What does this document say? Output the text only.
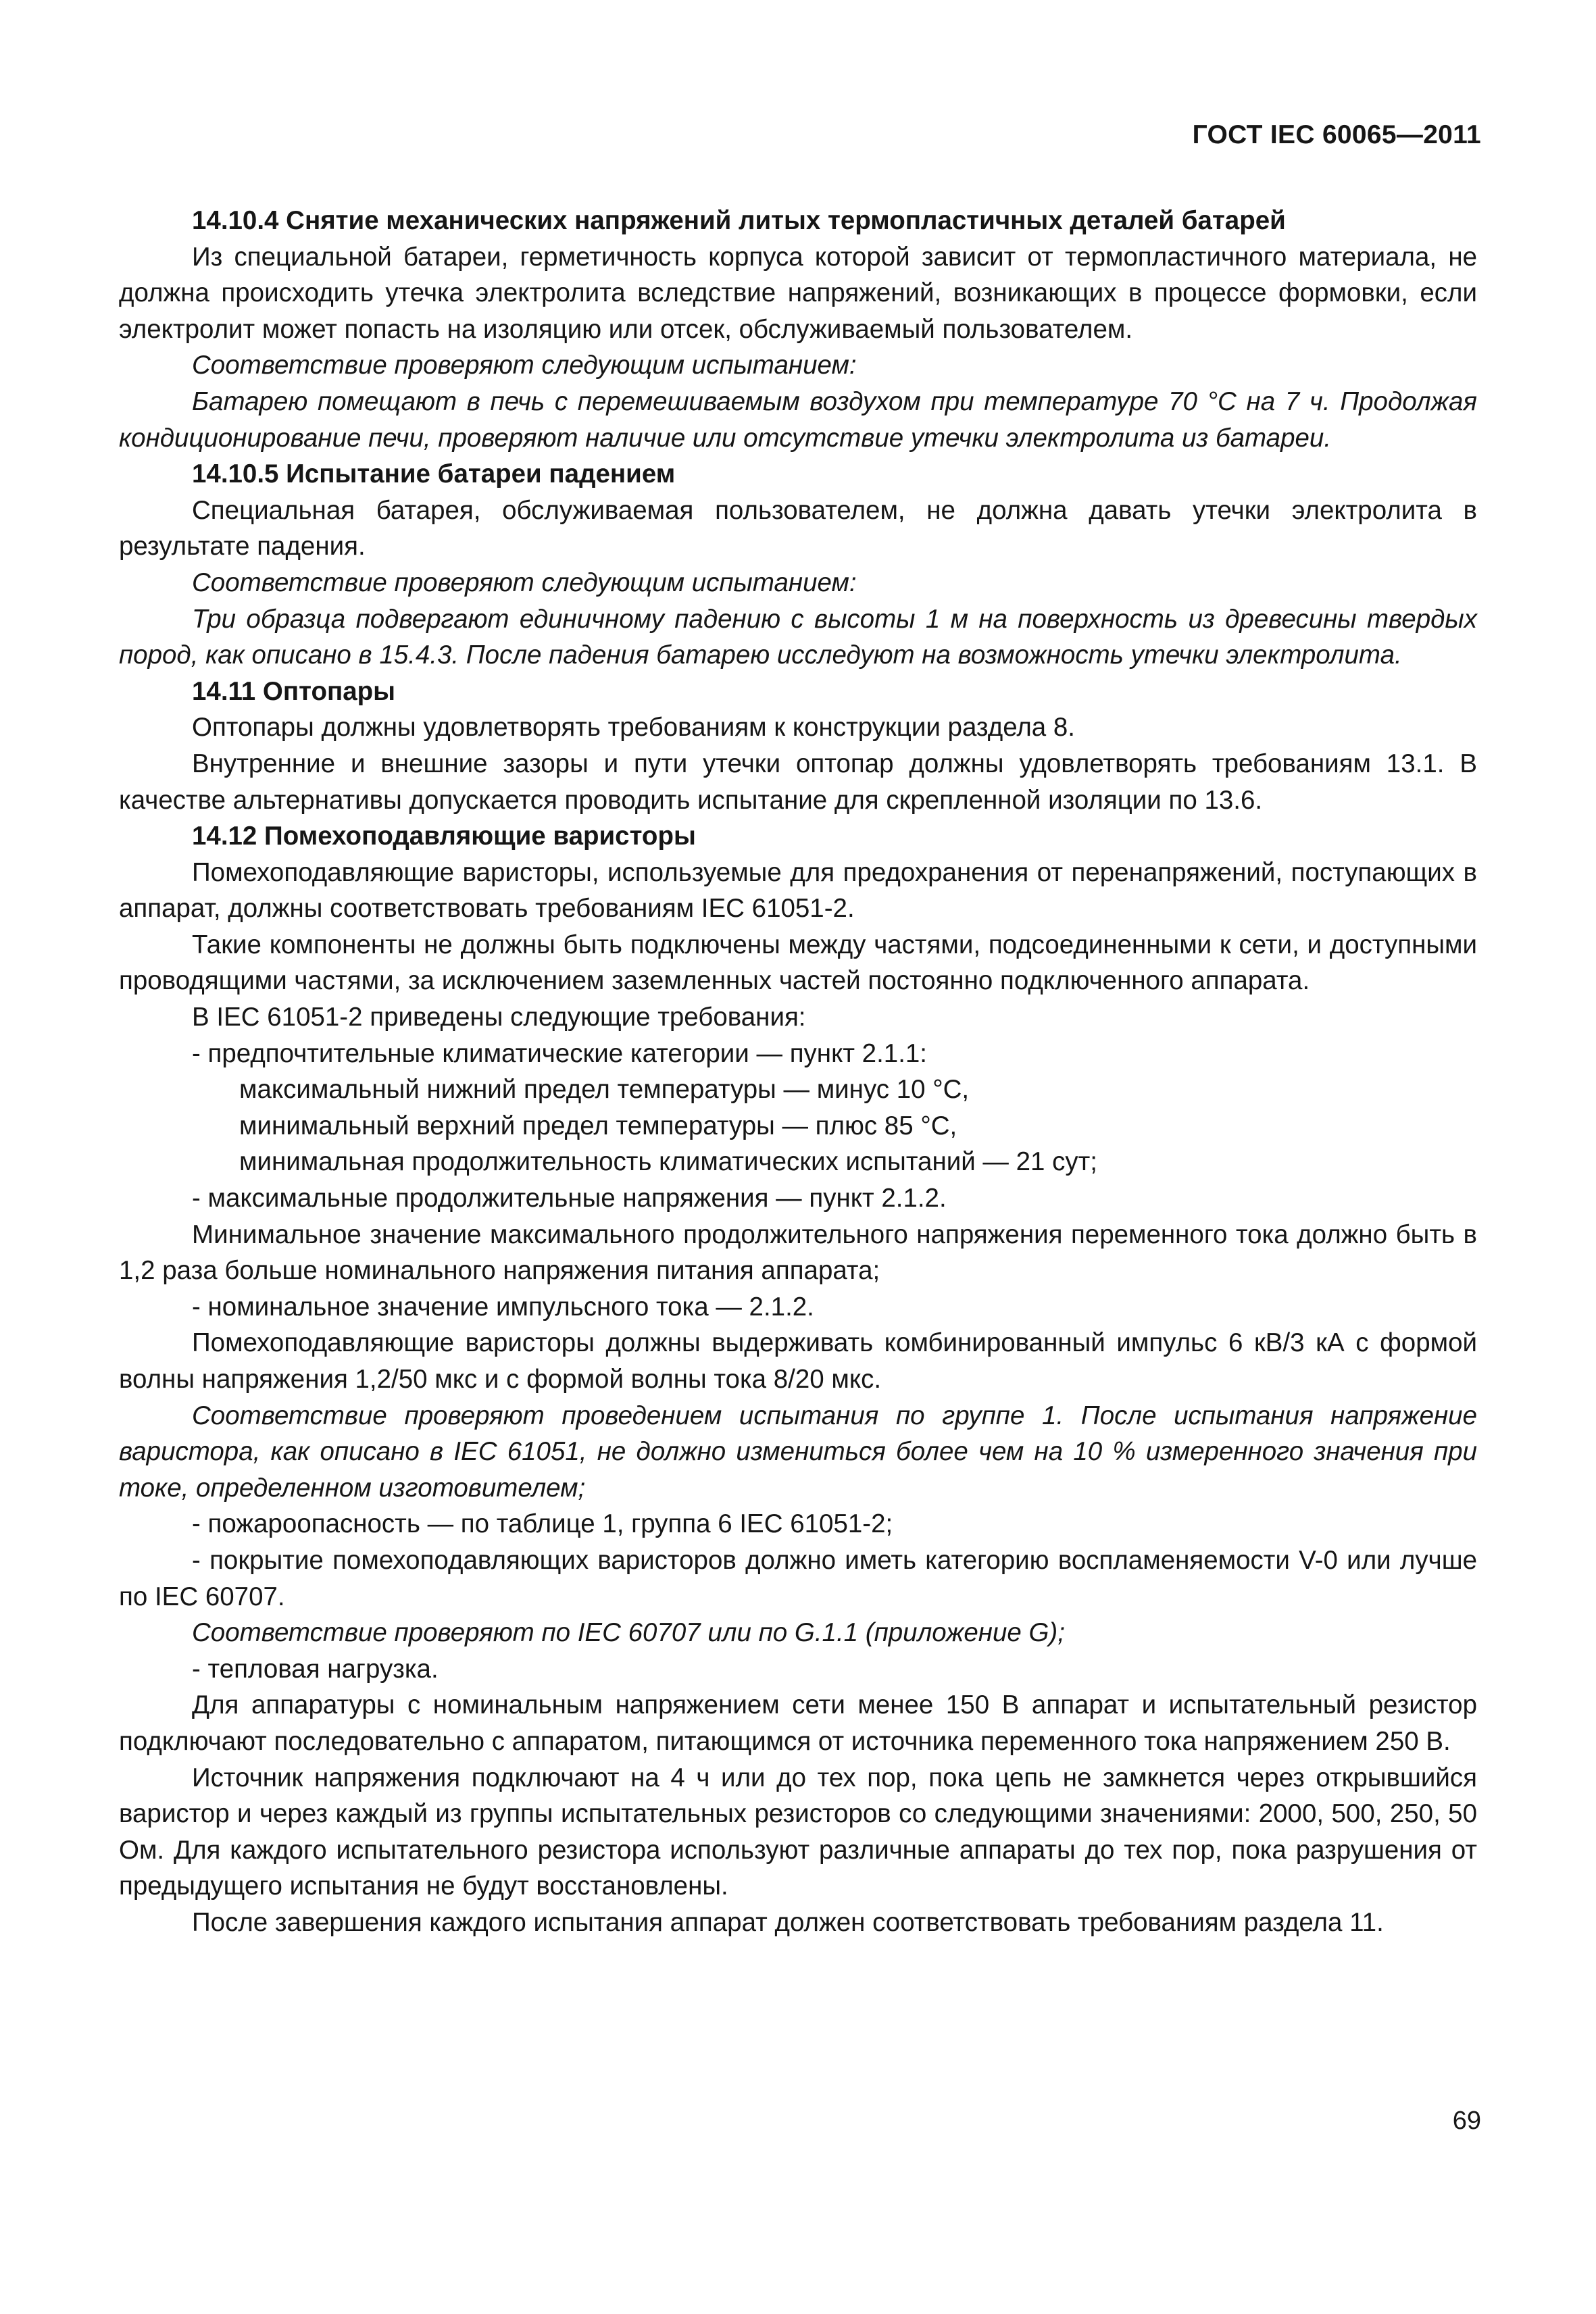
ГОСТ IEC 60065—2011

14.10.4 Снятие механических напряжений литых термопластичных деталей батарей

Из специальной батареи, герметичность корпуса которой зависит от термопластичного материала, не должна происходить утечка электролита вследствие напряжений, возникающих в процессе формовки, если электролит может попасть на изоляцию или отсек, обслуживаемый пользователем.

Соответствие проверяют следующим испытанием:

Батарею помещают в печь с перемешиваемым воздухом при температуре 70 °С на 7 ч. Продолжая кондиционирование печи, проверяют наличие или отсутствие утечки электролита из батареи.

14.10.5 Испытание батареи падением

Специальная батарея, обслуживаемая пользователем, не должна давать утечки электролита в результате падения.

Соответствие проверяют следующим испытанием:

Три образца подвергают единичному падению с высоты 1 м на поверхность из древесины твердых пород, как описано в 15.4.3. После падения батарею исследуют на возможность утечки электролита.

14.11 Оптопары

Оптопары должны удовлетворять требованиям к конструкции раздела 8.

Внутренние и внешние зазоры и пути утечки оптопар должны удовлетворять требованиям 13.1. В качестве альтернативы допускается проводить испытание для скрепленной изоляции по 13.6.

14.12 Помехоподавляющие варисторы

Помехоподавляющие варисторы, используемые для предохранения от перенапряжений, поступающих в аппарат, должны соответствовать требованиям IEC 61051-2.

Такие компоненты не должны быть подключены между частями, подсоединенными к сети, и доступными проводящими частями, за исключением заземленных частей постоянно подключенного аппарата.

В IEC 61051-2 приведены следующие требования:

- предпочтительные климатические категории — пункт 2.1.1:

максимальный нижний предел температуры — минус 10 °С,

минимальный верхний предел температуры — плюс 85 °С,

минимальная продолжительность климатических испытаний — 21 сут;

- максимальные продолжительные напряжения — пункт 2.1.2.

Минимальное значение максимального продолжительного напряжения переменного тока должно быть в 1,2 раза больше номинального напряжения питания аппарата;

- номинальное значение импульсного тока — 2.1.2.

Помехоподавляющие варисторы должны выдерживать комбинированный импульс 6 кВ/3 кА с формой волны напряжения 1,2/50 мкс и с формой волны тока 8/20 мкс.

Соответствие проверяют проведением испытания по группе 1. После испытания напряжение варистора, как описано в IEC 61051, не должно измениться более чем на 10 % измеренного значения при токе, определенном изготовителем;

- пожароопасность — по таблице 1, группа 6 IEC 61051-2;

- покрытие помехоподавляющих варисторов должно иметь категорию воспламеняемости V-0 или лучше по IEC 60707.

Соответствие проверяют по IEC 60707 или по G.1.1 (приложение G);

- тепловая нагрузка.

Для аппаратуры с номинальным напряжением сети менее 150 В аппарат и испытательный резистор подключают последовательно с аппаратом, питающимся от источника переменного тока напряжением 250 В.

Источник напряжения подключают на 4 ч или до тех пор, пока цепь не замкнется через открывшийся варистор и через каждый из группы испытательных резисторов со следующими значениями: 2000, 500, 250, 50 Ом. Для каждого испытательного резистора используют различные аппараты до тех пор, пока разрушения от предыдущего испытания не будут восстановлены.

После завершения каждого испытания аппарат должен соответствовать требованиям раздела 11.

69
